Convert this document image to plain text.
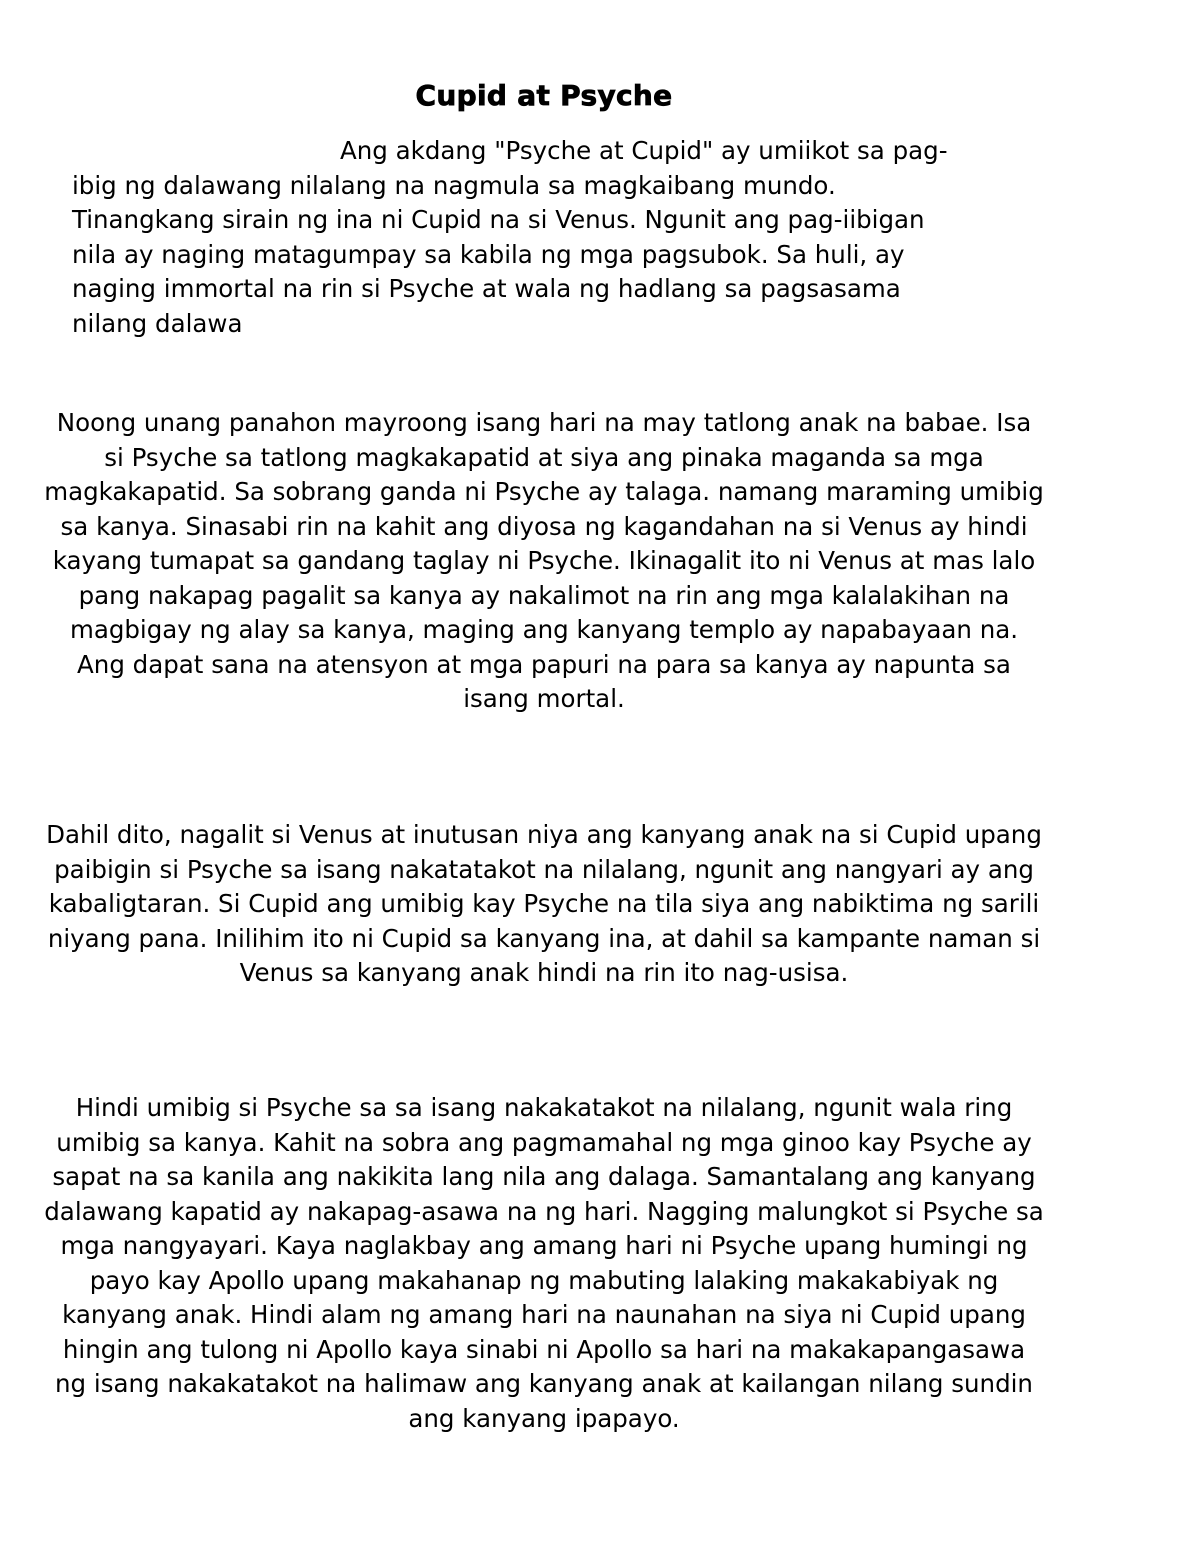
Cupid at Psyche

Ang akdang "Psyche at Cupid" ay umiikot sa pag-ibig ng dalawang nilalang na nagmula sa magkaibang mundo. Tinangkang sirain ng ina ni Cupid na si Venus. Ngunit ang pag-iibigan nila ay naging matagumpay sa kabila ng mga pagsubok. Sa huli, ay naging immortal na rin si Psyche at wala ng hadlang sa pagsasama nilang dalawa

Noong unang panahon mayroong isang hari na may tatlong anak na babae. Isa si Psyche sa tatlong magkakapatid at siya ang pinaka maganda sa mga magkakapatid. Sa sobrang ganda ni Psyche ay talaga. namang maraming umibig sa kanya. Sinasabi rin na kahit ang diyosa ng kagandahan na si Venus ay hindi kayang tumapat sa gandang taglay ni Psyche. Ikinagalit ito ni Venus at mas lalo pang nakapag pagalit sa kanya ay nakalimot na rin ang mga kalalakihan na magbigay ng alay sa kanya, maging ang kanyang templo ay napabayaan na. Ang dapat sana na atensyon at mga papuri na para sa kanya ay napunta sa isang mortal.

Dahil dito, nagalit si Venus at inutusan niya ang kanyang anak na si Cupid upang paibigin si Psyche sa isang nakatatakot na nilalang, ngunit ang nangyari ay ang kabaligtaran. Si Cupid ang umibig kay Psyche na tila siya ang nabiktima ng sarili niyang pana. Inilihim ito ni Cupid sa kanyang ina, at dahil sa kampante naman si Venus sa kanyang anak hindi na rin ito nag-usisa.

Hindi umibig si Psyche sa sa isang nakakatakot na nilalang, ngunit wala ring umibig sa kanya. Kahit na sobra ang pagmamahal ng mga ginoo kay Psyche ay sapat na sa kanila ang nakikita lang nila ang dalaga. Samantalang ang kanyang dalawang kapatid ay nakapag-asawa na ng hari. Nagging malungkot si Psyche sa mga nangyayari. Kaya naglakbay ang amang hari ni Psyche upang humingi ng payo kay Apollo upang makahanap ng mabuting lalaking makakabiyak ng kanyang anak. Hindi alam ng amang hari na naunahan na siya ni Cupid upang hingin ang tulong ni Apollo kaya sinabi ni Apollo sa hari na makakapangasawa ng isang nakakatakot na halimaw ang kanyang anak at kailangan nilang sundin ang kanyang ipapayo.
